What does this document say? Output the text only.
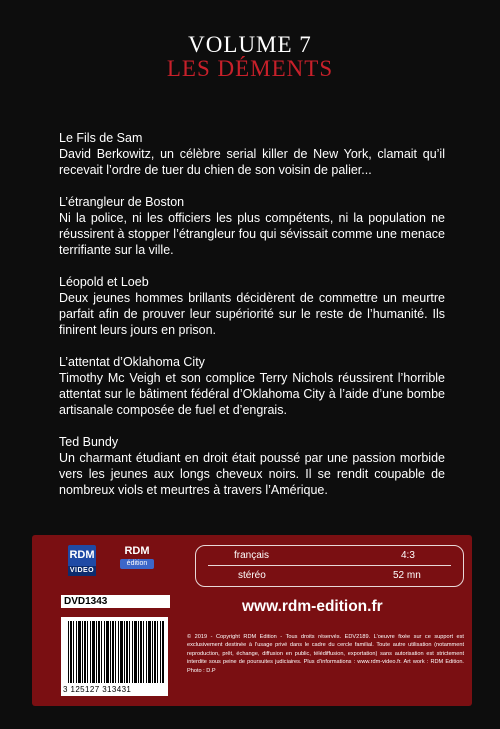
VOLUME 7
LES DÉMENTS
Le Fils de Sam
David Berkowitz, un célèbre serial killer de New York, clamait qu’il recevait l’ordre de tuer du chien de son voisin de palier...
L’étrangleur de Boston
Ni la police, ni les officiers les plus compétents, ni la population ne réussirent à stopper l’étrangleur fou qui sévissait comme une menace terrifiante sur la ville.
Léopold et Loeb
Deux jeunes hommes brillants décidèrent de commettre un meurtre parfait afin de prouver leur supériorité sur le reste de l’humanité. Ils finirent leurs jours en prison.
L’attentat d’Oklahoma City
Timothy Mc Veigh et son complice Terry Nichols réussirent l’horrible attentat sur le bâtiment fédéral d’Oklahoma City à l’aide d’une bombe artisanale composée de fuel et d’engrais.
Ted Bundy
Un charmant étudiant en droit était poussé par une passion morbide vers les jeunes aux longs cheveux noirs. Il se rendit coupable de nombreux viols et meurtres à travers l’Amérique.
RDM
VIDEO
RDM
édition
français	4:3
stéréo	52 mn
DVD1343	www.rdm-edition.fr
3 125127 313431
© 2019 - Copyright RDM Edition - Tous droits réservés. EDV2189. L’oeuvre fixée sur ce support est exclusivement destinée à l’usage privé dans le cadre du cercle familial. Toute autre utilisation (notamment reproduction, prêt, échange, diffusion en public, télédiffusion, exportation) sans autorisation est strictement interdite sous peine de poursuites judiciaires. Plus d’informations : www.rdm-video.fr. Art work : RDM Edition. Photo : D.P
